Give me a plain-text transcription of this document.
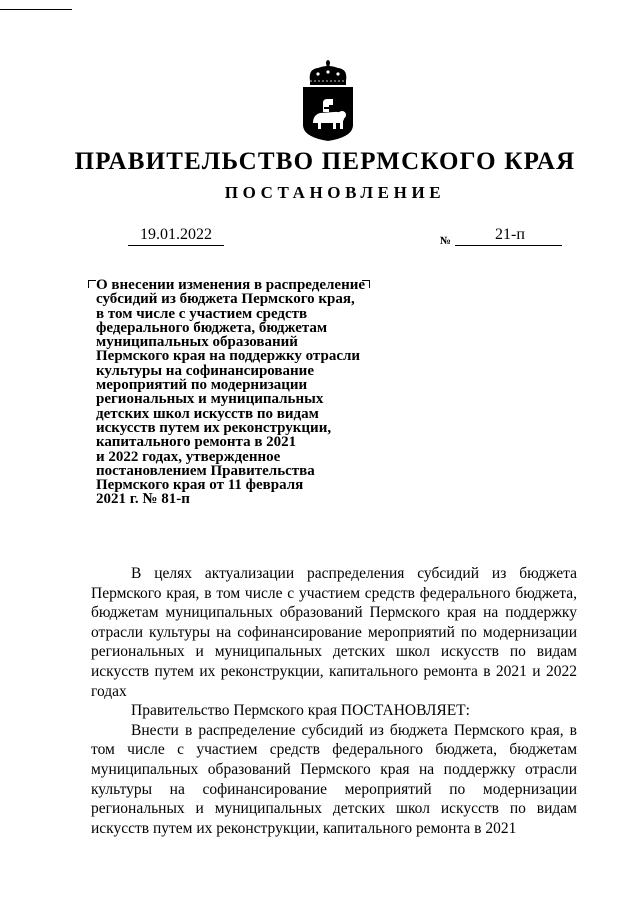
ПРАВИТЕЛЬСТВО ПЕРМСКОГО КРАЯ
ПОСТАНОВЛЕНИЕ
19.01.2022	№	21-п
О внесении изменения в распределение
субсидий из бюджета Пермского края,
в том числе с участием средств
федерального бюджета, бюджетам
муниципальных образований
Пермского края на поддержку отрасли
культуры на софинансирование
мероприятий по модернизации
региональных и муниципальных
детских школ искусств по видам
искусств путем их реконструкции,
капитального ремонта в 2021
и 2022 годах, утвержденное
постановлением Правительства
Пермского края от 11 февраля
2021 г. № 81-п

В целях актуализации распределения субсидий из бюджета Пермского края, в том числе с участием средств федерального бюджета, бюджетам муниципальных образований Пермского края на поддержку отрасли культуры на софинансирование мероприятий по модернизации региональных и муниципальных детских школ искусств по видам искусств путем их реконструкции, капитального ремонта в 2021 и 2022 годах

Правительство Пермского края ПОСТАНОВЛЯЕТ:

Внести в распределение субсидий из бюджета Пермского края, в том числе с участием средств федерального бюджета, бюджетам муниципальных образований Пермского края на поддержку отрасли культуры на софинансирование мероприятий по модернизации региональных и муниципальных детских школ искусств по видам искусств путем их реконструкции, капитального ремонта в 2021
